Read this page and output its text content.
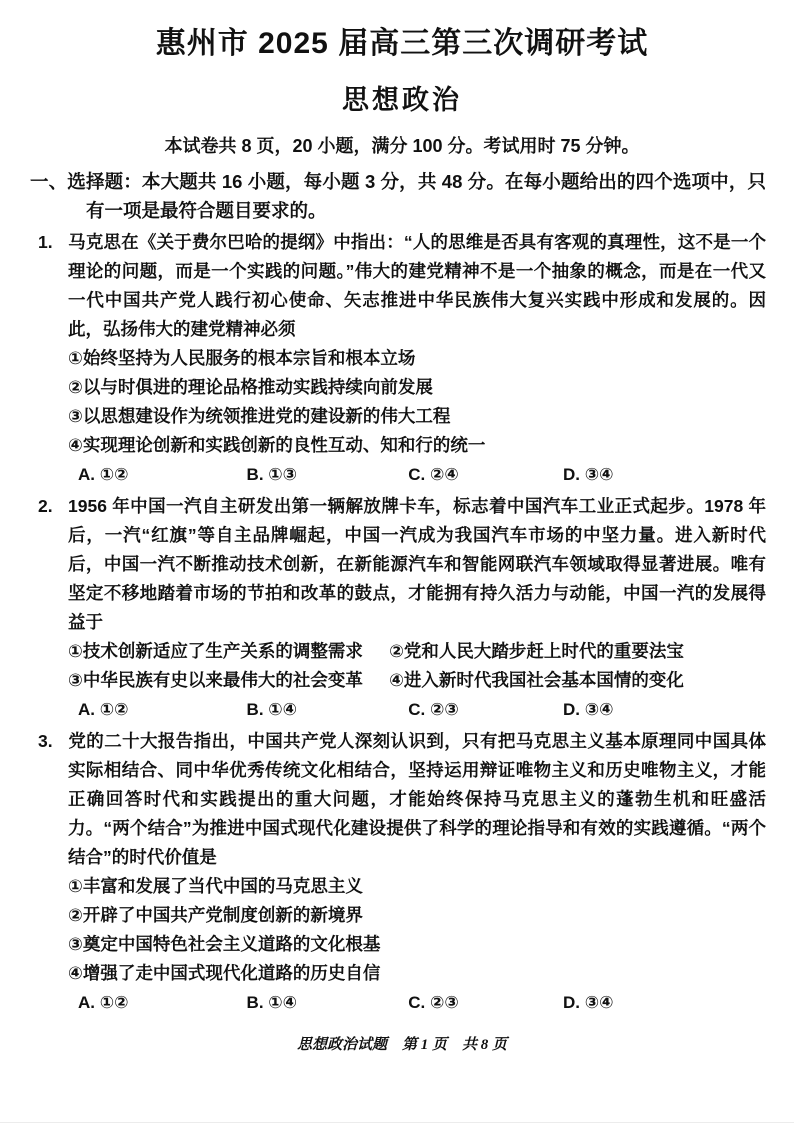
惠州市 2025 届高三第三次调研考试
思想政治

本试卷共 8 页，20 小题，满分 100 分。考试用时 75 分钟。

一、选择题：本大题共 16 小题，每小题 3 分，共 48 分。在每小题给出的四个选项中，只有一项是最符合题目要求的。

1. 马克思在《关于费尔巴哈的提纲》中指出：“人的思维是否具有客观的真理性，这不是一个理论的问题，而是一个实践的问题。”伟大的建党精神不是一个抽象的概念，而是在一代又一代中国共产党人践行初心使命、矢志推进中华民族伟大复兴实践中形成和发展的。因此，弘扬伟大的建党精神必须

①始终坚持为人民服务的根本宗旨和根本立场

②以与时俱进的理论品格推动实践持续向前发展

③以思想建设作为统领推进党的建设新的伟大工程

④实现理论创新和实践创新的良性互动、知和行的统一

A. ①②	B. ①③	C. ②④	D. ③④

2. 1956 年中国一汽自主研发出第一辆解放牌卡车，标志着中国汽车工业正式起步。1978 年后，一汽“红旗”等自主品牌崛起，中国一汽成为我国汽车市场的中坚力量。进入新时代后，中国一汽不断推动技术创新，在新能源汽车和智能网联汽车领域取得显著进展。唯有坚定不移地踏着市场的节拍和改革的鼓点，才能拥有持久活力与动能，中国一汽的发展得益于

①技术创新适应了生产关系的调整需求	②党和人民大踏步赶上时代的重要法宝

③中华民族有史以来最伟大的社会变革	④进入新时代我国社会基本国情的变化

A. ①②	B. ①④	C. ②③	D. ③④

3. 党的二十大报告指出，中国共产党人深刻认识到，只有把马克思主义基本原理同中国具体实际相结合、同中华优秀传统文化相结合，坚持运用辩证唯物主义和历史唯物主义，才能正确回答时代和实践提出的重大问题，才能始终保持马克思主义的蓬勃生机和旺盛活力。“两个结合”为推进中国式现代化建设提供了科学的理论指导和有效的实践遵循。“两个结合”的时代价值是

①丰富和发展了当代中国的马克思主义

②开辟了中国共产党制度创新的新境界

③奠定中国特色社会主义道路的文化根基

④增强了走中国式现代化道路的历史自信

A. ①②	B. ①④	C. ②③	D. ③④

思想政治试题　第 1 页　共 8 页
